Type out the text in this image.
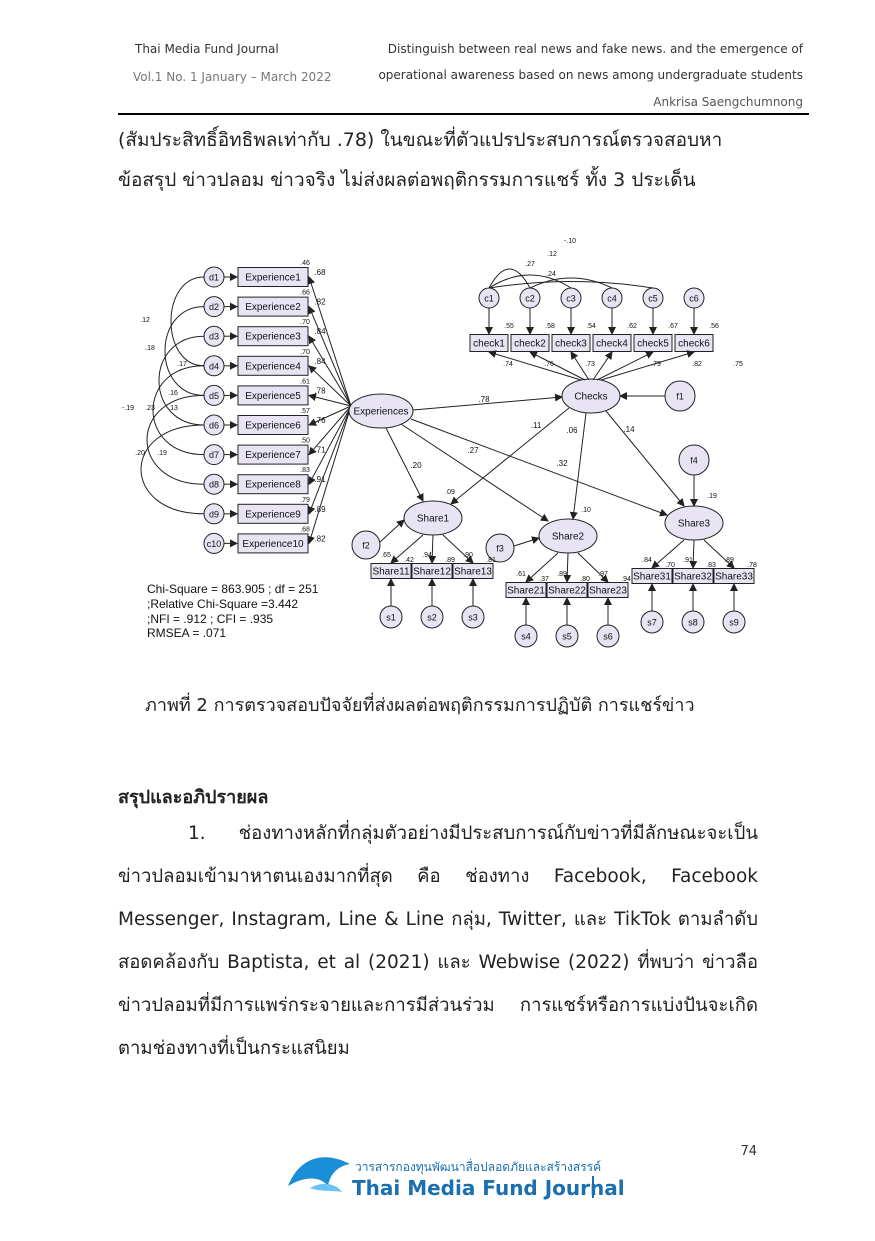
Thai Media Fund Journal
Vol.1 No. 1 January – March 2022
Distinguish between real news and fake news. and the emergence of
operational awareness based on news among undergraduate students
Ankrisa Saengchumnong
(สัมประสิทธิ์อิทธิพลเท่ากับ .78) ในขณะที่ตัวแปรประสบการณ์ตรวจสอบหา
ข้อสรุป ข่าวปลอม ข่าวจริง ไม่ส่งผลต่อพฤติกรรมการแชร์ ทั้ง 3 ประเด็น
Experience1
d1	.68
.46
Experience2
d2	.82
.66
Experience3
d3	.84
.70
Experience4
d4	.84
.70
Experience5
d5	.78
.61
Experience6
d6	.76
.57
Experience7
d7	.71
.50
Experience8
d8	.91
.83
Experience9
d9	.89
.79
Experience10
c10	.82
.68
-.19 .23 .13
.20 .19
.12
.18
.17
.16
Experiences
Checks
check1
c1
.55
.74
check2
c2
.58
.76
check3
c3
.54
.73
check4
c4
.62
.79
check5
c5
.67
.82
check6
c6
.56
.75
-.10
.12
.27
.24
f1
.78
Share1
Share2
Share3
.20
.27
.32
.11
.06	.14
.09
.10
.19
f2	f3
f4
Share11
s1
.65
.42
Share12
s2
.94
.89
Share13
s3
.90
.81
Share21
s4
.61
.37
Share22
s5
.89
.80
Share23
s6
.97
.94 Share31
s7
.84
.70
Share32
s8
.91
.83
Share33
s9
.89
.78
Chi-Square = 863.905 ; df = 251
;Relative Chi-Square =3.442
;NFI = .912 ; CFI = .935
RMSEA = .071
ภาพที่ 2 การตรวจสอบปัจจัยที่ส่งผลต่อพฤติกรรมการปฏิบัติ การแชร์ข่าว
สรุปและอภิปรายผล
1. ช่องทางหลักที่กลุ่มตัวอย่างมีประสบการณ์กับข่าวที่มีลักษณะจะเป็นข่าวปลอมเข้ามาหาตนเองมากที่สุด คือ ช่องทาง Facebook, Facebook Messenger, Instagram, Line & Line กลุ่ม, Twitter, และ TikTok ตามลำดับ สอดคล้องกับ Baptista, et al (2021) และ Webwise (2022) ที่พบว่า ข่าวลือข่าวปลอมที่มีการแพร่กระจายและการมีส่วนร่วม การแชร์หรือการแบ่งปันจะเกิดตามช่องทางที่เป็นกระแสนิยม
74
วารสารกองทุนพัฒนาสื่อปลอดภัยและสร้างสรรค์
Thai Media Fund Journal
